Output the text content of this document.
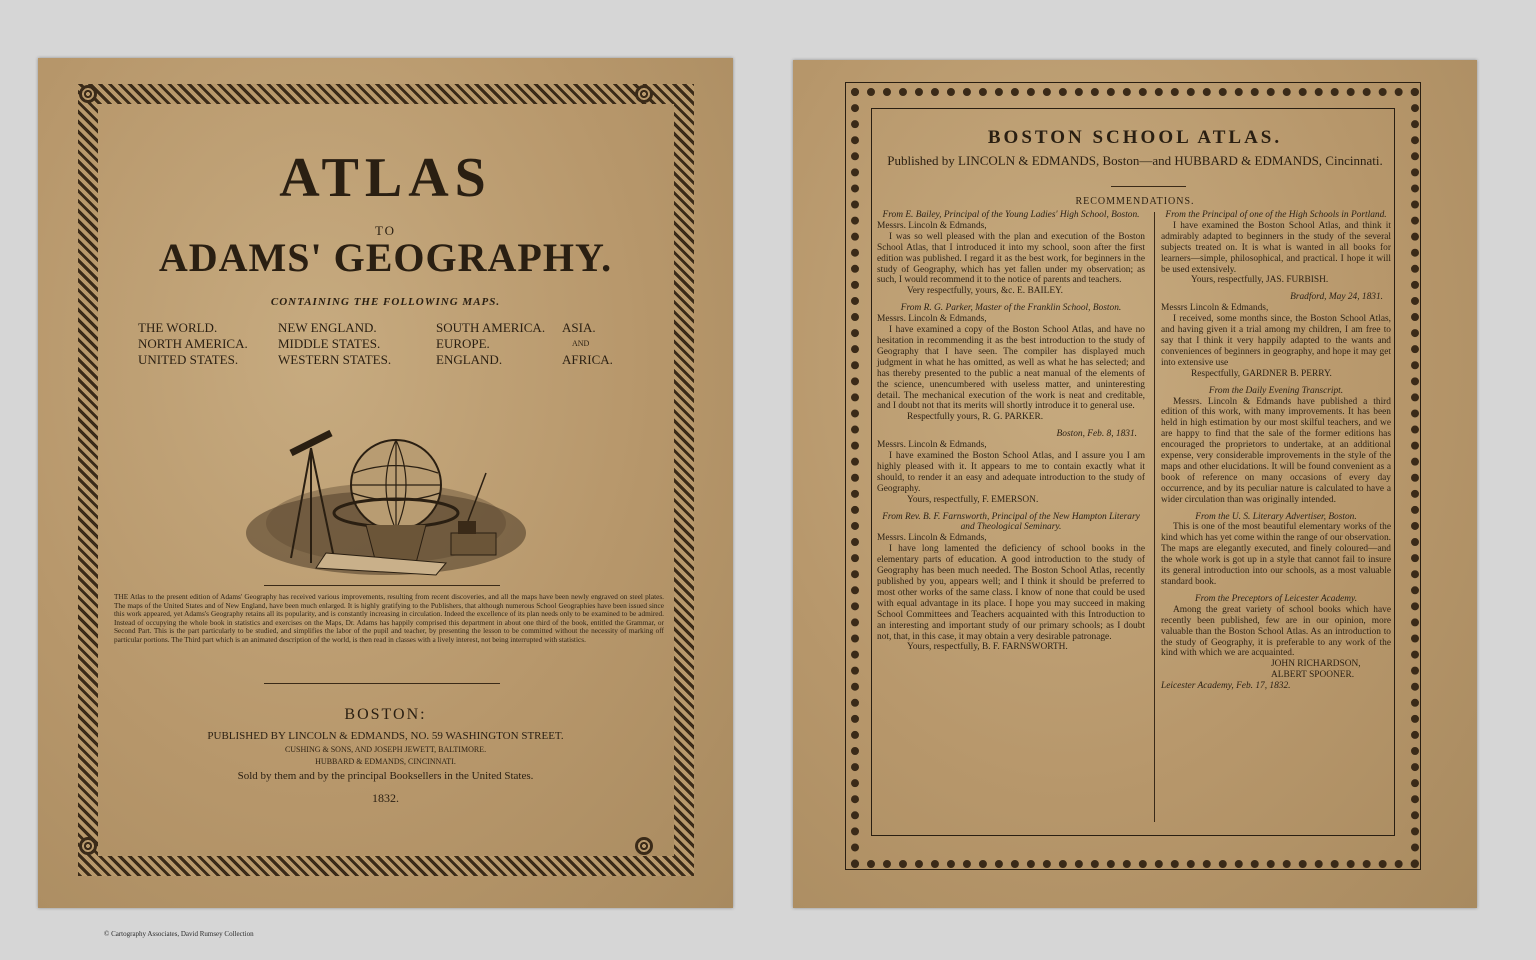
ATLAS
TO
ADAMS' GEOGRAPHY.
CONTAINING THE FOLLOWING MAPS.
THE WORLD.	NEW ENGLAND.	SOUTH AMERICA.	ASIA.
NORTH AMERICA.	MIDDLE STATES.	EUROPE.	AND
UNITED STATES.	WESTERN STATES.	ENGLAND.	AFRICA.
THE Atlas to the present edition of Adams' Geography has received various improvements, resulting from recent discoveries, and all the maps have been newly engraved on steel plates. The maps of the United States and of New England, have been much enlarged. It is highly gratifying to the Publishers, that although numerous School Geographies have been issued since this work appeared, yet Adams's Geography retains all its popularity, and is constantly increasing in circulation. Indeed the excellence of its plan needs only to be examined to be admired. Instead of occupying the whole book in statistics and exercises on the Maps, Dr. Adams has happily comprised this department in about one third of the book, entitled the Grammar, or Second Part. This is the part particularly to be studied, and simplifies the labor of the pupil and teacher, by presenting the lesson to be committed without the necessity of marking off particular portions. The Third part which is an animated description of the world, is then read in classes with a lively interest, not being interrupted with statistics.
BOSTON:
PUBLISHED BY LINCOLN & EDMANDS, NO. 59 WASHINGTON STREET.
CUSHING & SONS, AND JOSEPH JEWETT, BALTIMORE.
HUBBARD & EDMANDS, CINCINNATI.
Sold by them and by the principal Booksellers in the United States.
1832.
BOSTON SCHOOL ATLAS.
Published by LINCOLN & EDMANDS, Boston—and HUBBARD & EDMANDS, Cincinnati.
RECOMMENDATIONS.

From E. Bailey, Principal of the Young Ladies' High School, Boston.

Messrs. Lincoln & Edmands,

I was so well pleased with the plan and execution of the Boston School Atlas, that I introduced it into my school, soon after the first edition was published. I regard it as the best work, for beginners in the study of Geography, which has yet fallen under my observation; as such, I would recommend it to the notice of parents and teachers.

Very respectfully, yours, &c. E. BAILEY.

From R. G. Parker, Master of the Franklin School, Boston.

Messrs. Lincoln & Edmands,

I have examined a copy of the Boston School Atlas, and have no hesitation in recommending it as the best introduction to the study of Geography that I have seen. The compiler has displayed much judgment in what he has omitted, as well as what he has selected; and has thereby presented to the public a neat manual of the elements of the science, unencumbered with useless matter, and uninteresting detail. The mechanical execution of the work is neat and creditable, and I doubt not that its merits will shortly introduce it to general use.

Respectfully yours, R. G. PARKER.

Boston, Feb. 8, 1831.

Messrs. Lincoln & Edmands,

I have examined the Boston School Atlas, and I assure you I am highly pleased with it. It appears to me to contain exactly what it should, to render it an easy and adequate introduction to the study of Geography.

Yours, respectfully, F. EMERSON.

From Rev. B. F. Farnsworth, Principal of the New Hampton Literary and Theological Seminary.

Messrs. Lincoln & Edmands,

I have long lamented the deficiency of school books in the elementary parts of education. A good introduction to the study of Geography has been much needed. The Boston School Atlas, recently published by you, appears well; and I think it should be preferred to most other works of the same class. I know of none that could be used with equal advantage in its place. I hope you may succeed in making School Committees and Teachers acquainted with this Introduction to an interesting and important study of our primary schools; as I doubt not, that, in this case, it may obtain a very desirable patronage.

Yours, respectfully, B. F. FARNSWORTH.

From the Principal of one of the High Schools in Portland.

I have examined the Boston School Atlas, and think it admirably adapted to beginners in the study of the several subjects treated on. It is what is wanted in all books for learners—simple, philosophical, and practical. I hope it will be used extensively.

Yours, respectfully, JAS. FURBISH.

Bradford, May 24, 1831.

Messrs Lincoln & Edmands,

I received, some months since, the Boston School Atlas, and having given it a trial among my children, I am free to say that I think it very happily adapted to the wants and conveniences of beginners in geography, and hope it may get into extensive use

Respectfully, GARDNER B. PERRY.

From the Daily Evening Transcript.

Messrs. Lincoln & Edmands have published a third edition of this work, with many improvements. It has been held in high estimation by our most skilful teachers, and we are happy to find that the sale of the former editions has encouraged the proprietors to undertake, at an additional expense, very considerable improvements in the style of the maps and other elucidations. It will be found convenient as a book of reference on many occasions of every day occurrence, and by its peculiar nature is calculated to have a wider circulation than was originally intended.

From the U. S. Literary Advertiser, Boston.

This is one of the most beautiful elementary works of the kind which has yet come within the range of our observation. The maps are elegantly executed, and finely coloured—and the whole work is got up in a style that cannot fail to insure its general introduction into our schools, as a most valuable standard book.

From the Preceptors of Leicester Academy.

Among the great variety of school books which have recently been published, few are in our opinion, more valuable than the Boston School Atlas. As an introduction to the study of Geography, it is preferable to any work of the kind with which we are acquainted.

JOHN RICHARDSON,

ALBERT SPOONER.

Leicester Academy, Feb. 17, 1832.

© Cartography Associates, David Rumsey Collection
